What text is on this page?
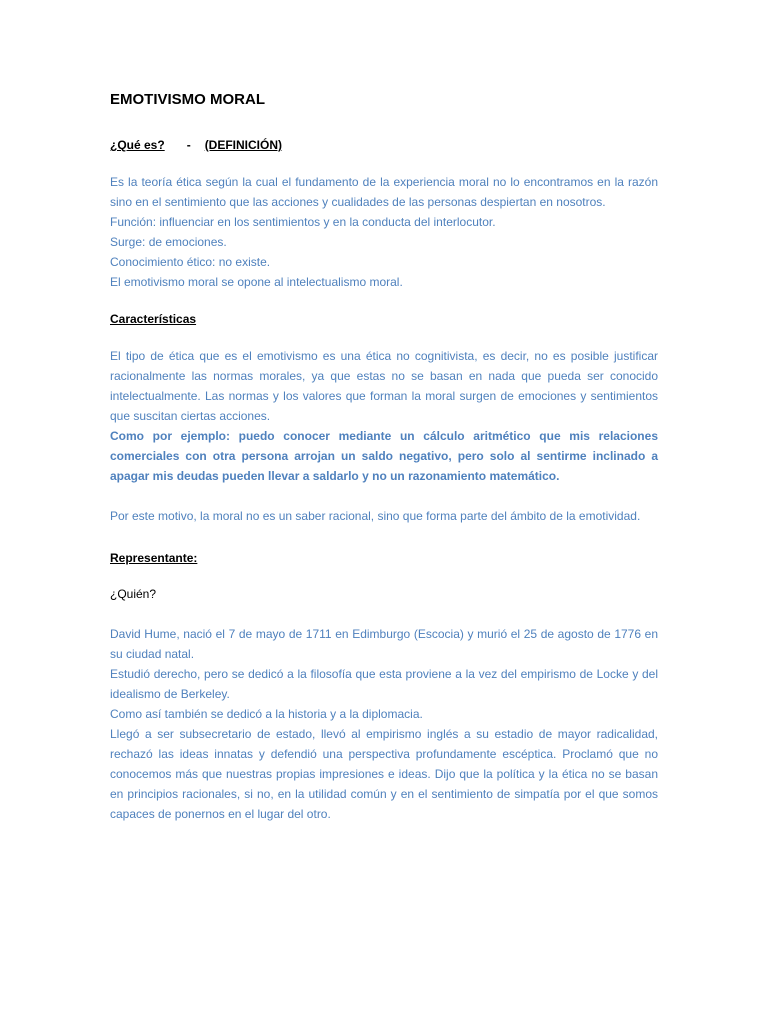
EMOTIVISMO MORAL

¿Qué es? - (DEFINICIÓN)

Es la teoría ética según la cual el fundamento de la experiencia moral no lo encontramos en la razón sino en el sentimiento que las acciones y cualidades de las personas despiertan en nosotros.

Función: influenciar en los sentimientos y en la conducta del interlocutor.

Surge: de emociones.

Conocimiento ético: no existe.

El emotivismo moral se opone al intelectualismo moral.

Características

El tipo de ética que es el emotivismo es una ética no cognitivista, es decir, no es posible justificar racionalmente las normas morales, ya que estas no se basan en nada que pueda ser conocido intelectualmente. Las normas y los valores que forman la moral surgen de emociones y sentimientos que suscitan ciertas acciones.

Como por ejemplo: puedo conocer mediante un cálculo aritmético que mis relaciones comerciales con otra persona arrojan un saldo negativo, pero solo al sentirme inclinado a apagar mis deudas pueden llevar a saldarlo y no un razonamiento matemático.

Por este motivo, la moral no es un saber racional, sino que forma parte del ámbito de la emotividad.

Representante:

¿Quién?

David Hume, nació el 7 de mayo de 1711 en Edimburgo (Escocia) y murió el 25 de agosto de 1776 en su ciudad natal.

Estudió derecho, pero se dedicó a la filosofía que esta proviene a la vez del empirismo de Locke y del idealismo de Berkeley.

Como así también se dedicó a la historia y a la diplomacia.

Llegó a ser subsecretario de estado, llevó al empirismo inglés a su estadio de mayor radicalidad, rechazó las ideas innatas y defendió una perspectiva profundamente escéptica. Proclamó que no conocemos más que nuestras propias impresiones e ideas. Dijo que la política y la ética no se basan en principios racionales, si no, en la utilidad común y en el sentimiento de simpatía por el que somos capaces de ponernos en el lugar del otro.
